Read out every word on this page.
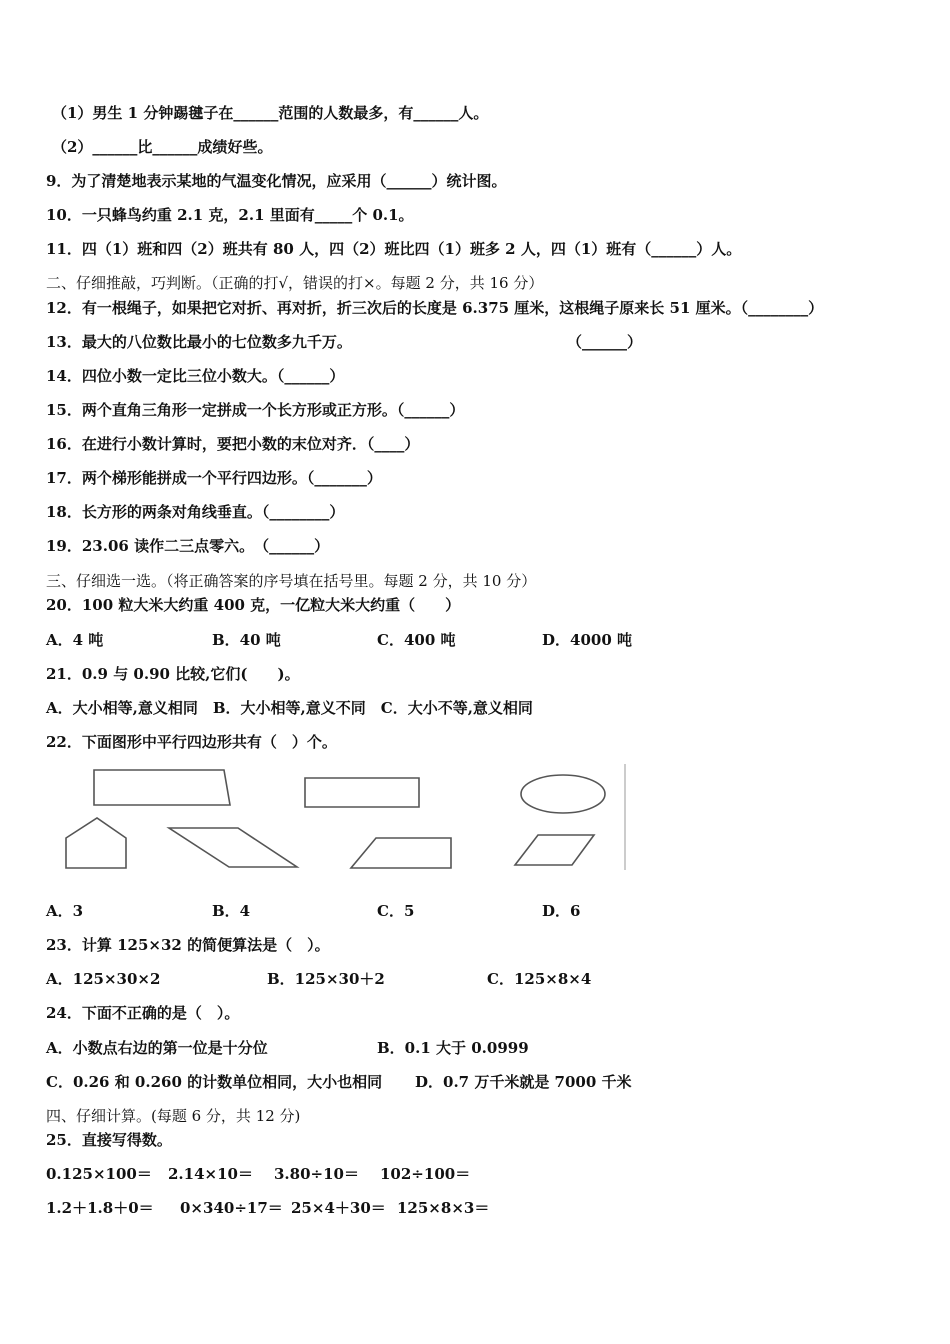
（1）男生 1 分钟踢毽子在______范围的人数最多，有______人。
（2）______比______成绩好些。
9．为了清楚地表示某地的气温变化情况，应采用（______）统计图。
10．一只蜂鸟约重 2.1 克，2.1 里面有_____个 0.1。
11．四（1）班和四（2）班共有 80 人，四（2）班比四（1）班多 2 人，四（1）班有（______）人。
二、仔细推敲，巧判断。（正确的打√，错误的打×。每题 2 分，共 16 分）
12．有一根绳子，如果把它对折、再对折，折三次后的长度是 6.375 厘米，这根绳子原来长 51 厘米。（________）
13．最大的八位数比最小的七位数多九千万。	（______）
14．四位小数一定比三位小数大。（______）
15．两个直角三角形一定拼成一个长方形或正方形。（______）
16．在进行小数计算时，要把小数的末位对齐．（____）
17．两个梯形能拼成一个平行四边形。（_______）
18．长方形的两条对角线垂直。（________）
19．23.06 读作二三点零六。　（______）
三、仔细选一选。（将正确答案的序号填在括号里。每题 2 分，共 10 分）
20．100 粒大米大约重 400 克，一亿粒大米大约重（　　）
A．4 吨	B．40 吨	C．400 吨	D．4000 吨
21．0.9 与 0.90 比较,它们(　　)。
A．大小相等,意义相同　B．大小相等,意义不同　C．大小不等,意义相同
22．下面图形中平行四边形共有（　）个。
A．3	B．4	C．5	D．6
23．计算 125×32 的简便算法是（　）。
A．125×30×2	B．125×30＋2	C．125×8×4
24．下面不正确的是（　）。
A．小数点右边的第一位是十分位	B．0.1 大于 0.0999
C．0.26 和 0.260 的计数单位相同，大小也相同 D．0.7 万千米就是 7000 千米
四、仔细计算。(每题 6 分，共 12 分)
25．直接写得数。
0.125×100＝ 2.14×10＝ 3.80÷10＝ 102÷100＝
1.2＋1.8＋0＝ 0×340÷17＝ 25×4＋30＝ 125×8×3＝
